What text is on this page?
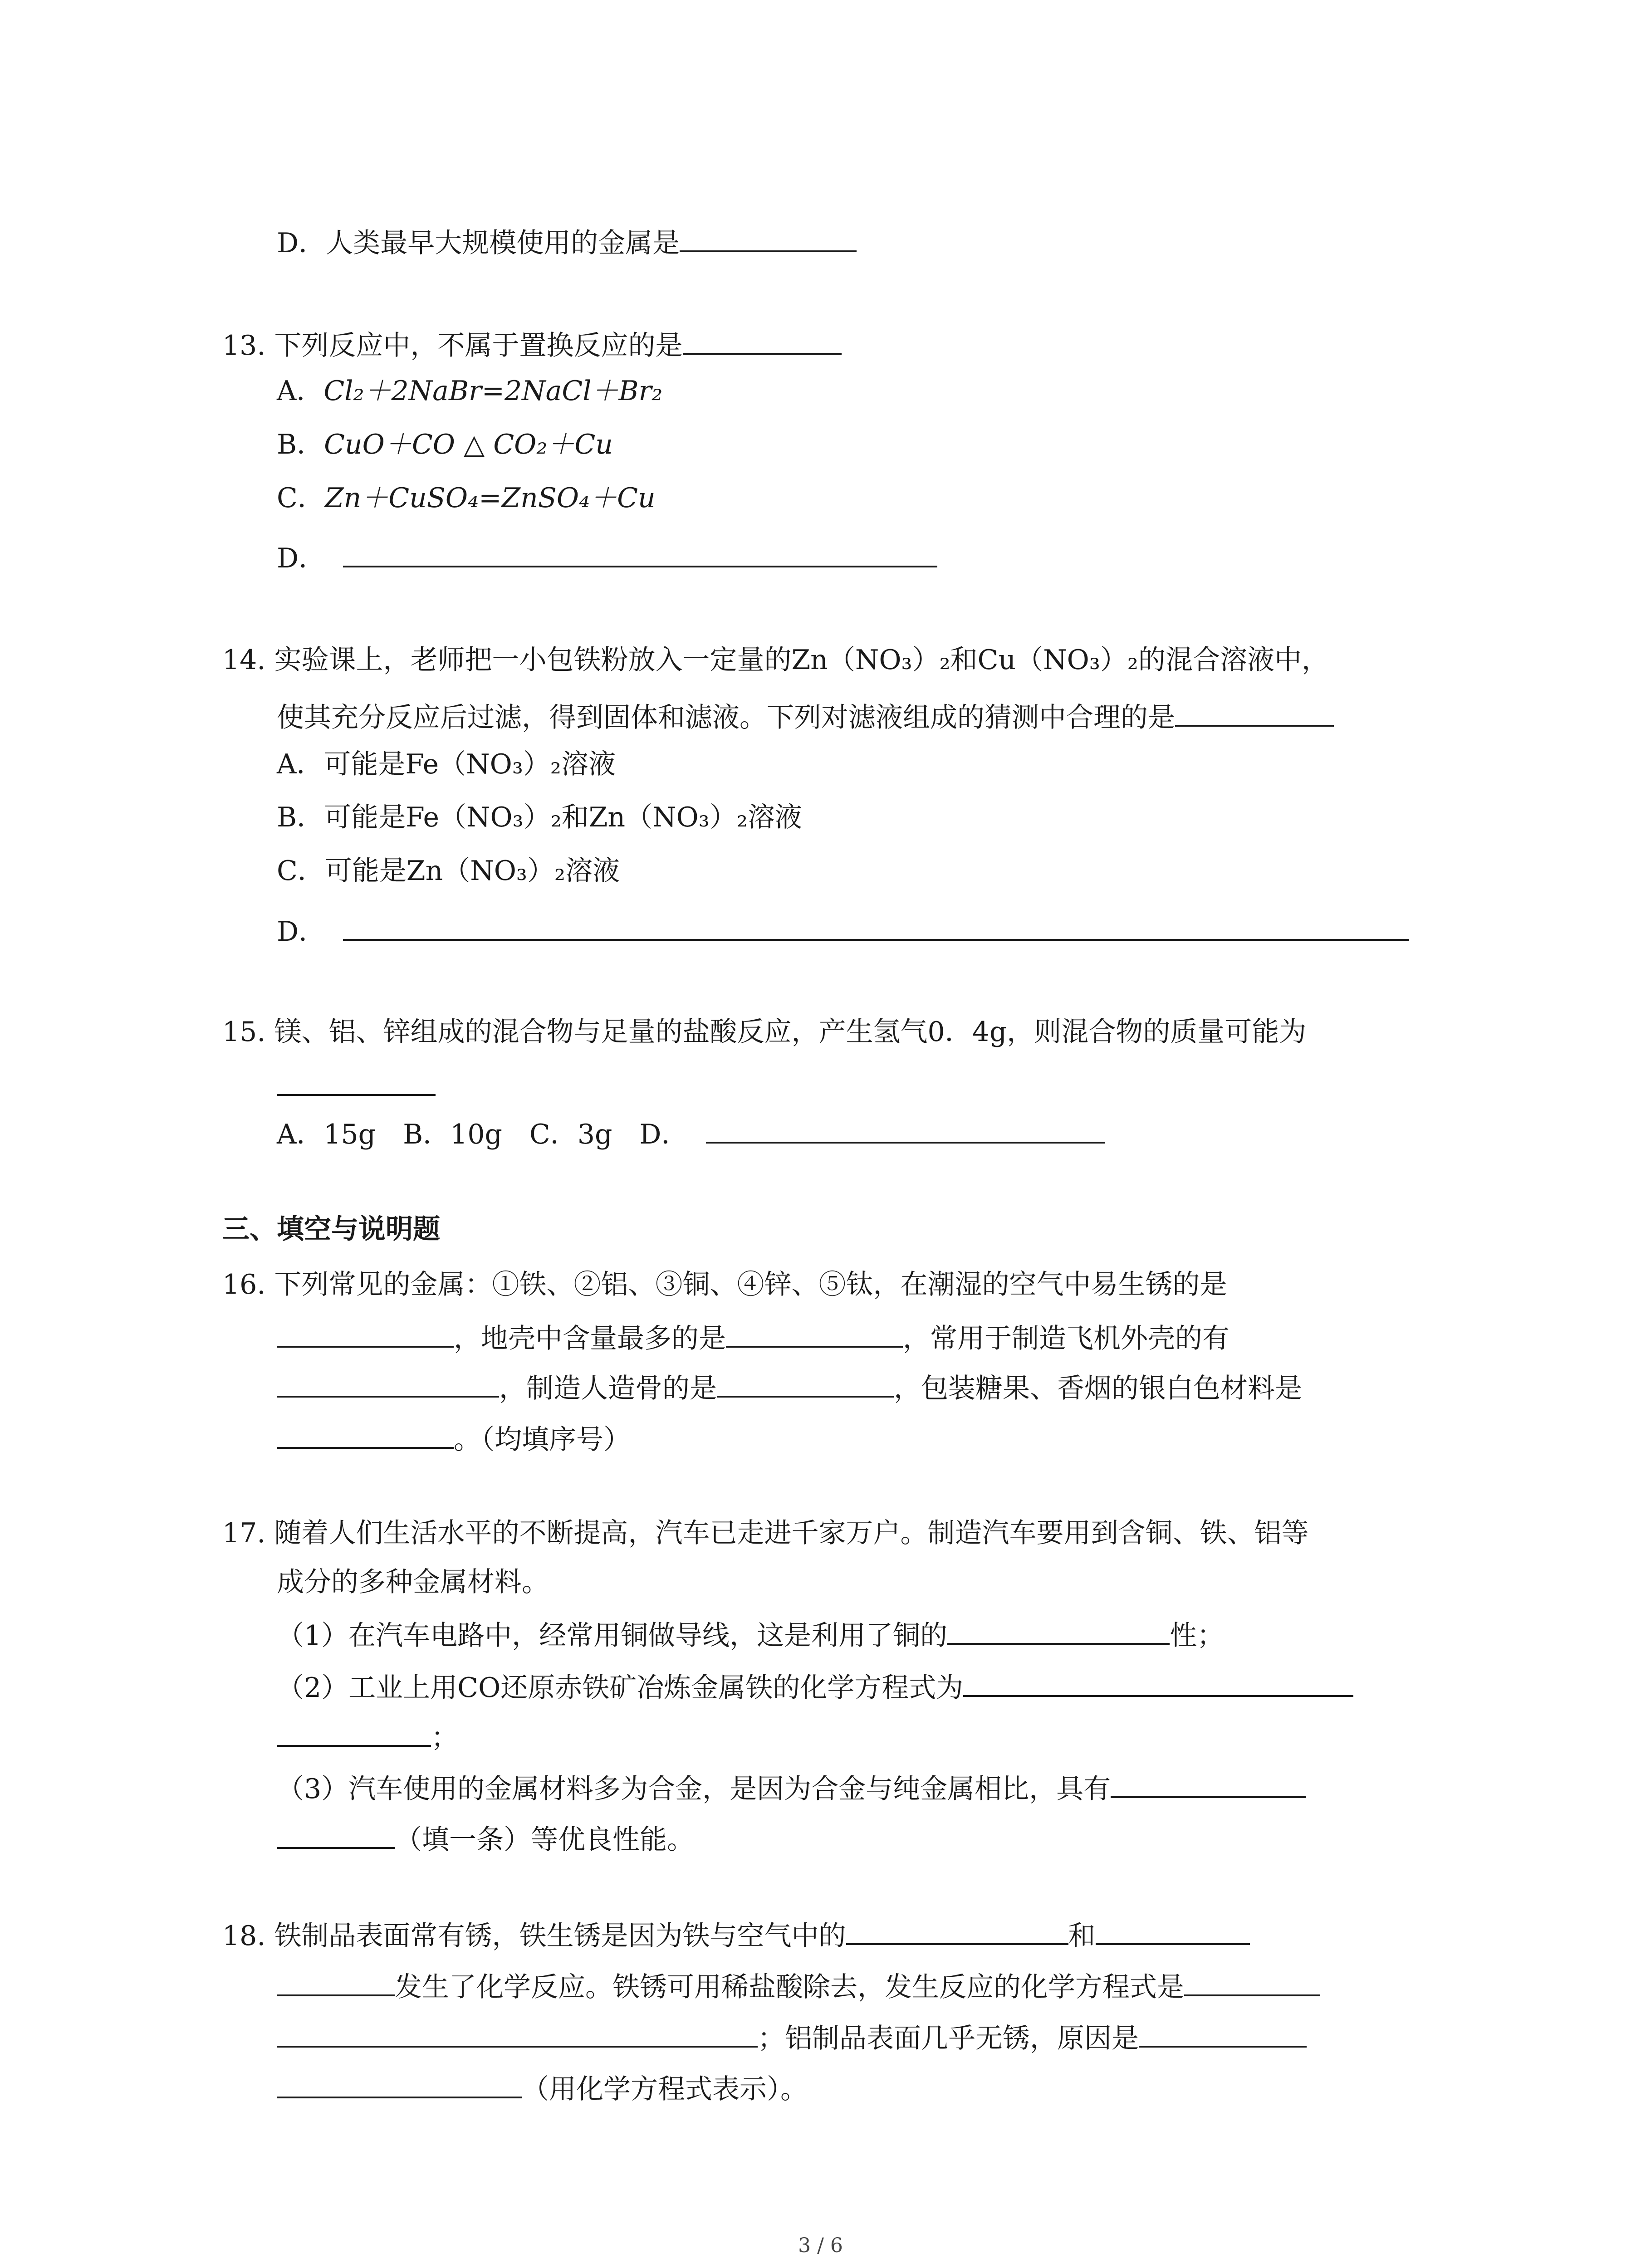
D．人类最早大规模使用的金属是
13. 下列反应中，不属于置换反应的是
A．Cl₂＋2NaBr=2NaCl＋Br₂
B．CuO＋CO △ CO₂＋Cu
C．Zn＋CuSO₄=ZnSO₄＋Cu
D．
14. 实验课上，老师把一小包铁粉放入一定量的Zn（NO₃）₂和Cu（NO₃）₂的混合溶液中，
使其充分反应后过滤，得到固体和滤液。下列对滤液组成的猜测中合理的是
A．可能是Fe（NO₃）₂溶液
B．可能是Fe（NO₃）₂和Zn（NO₃）₂溶液
C．可能是Zn（NO₃）₂溶液
D．
15. 镁、铝、锌组成的混合物与足量的盐酸反应，产生氢气0．4g，则混合物的质量可能为
A．15g　B．10g　C．3g　D．
三、填空与说明题
16. 下列常见的金属：①铁、②铝、③铜、④锌、⑤钛，在潮湿的空气中易生锈的是
，地壳中含量最多的是	，常用于制造飞机外壳的有
，制造人造骨的是	，包装糖果、香烟的银白色材料是
。（均填序号）
17. 随着人们生活水平的不断提高，汽车已走进千家万户。制造汽车要用到含铜、铁、铝等
成分的多种金属材料。
（1）在汽车电路中，经常用铜做导线，这是利用了铜的	性；
（2）工业上用CO还原赤铁矿冶炼金属铁的化学方程式为
；
（3）汽车使用的金属材料多为合金，是因为合金与纯金属相比，具有
（填一条）等优良性能。
18. 铁制品表面常有锈，铁生锈是因为铁与空气中的	和
发生了化学反应。铁锈可用稀盐酸除去，发生反应的化学方程式是
；铝制品表面几乎无锈，原因是
（用化学方程式表示）。
3 / 6
